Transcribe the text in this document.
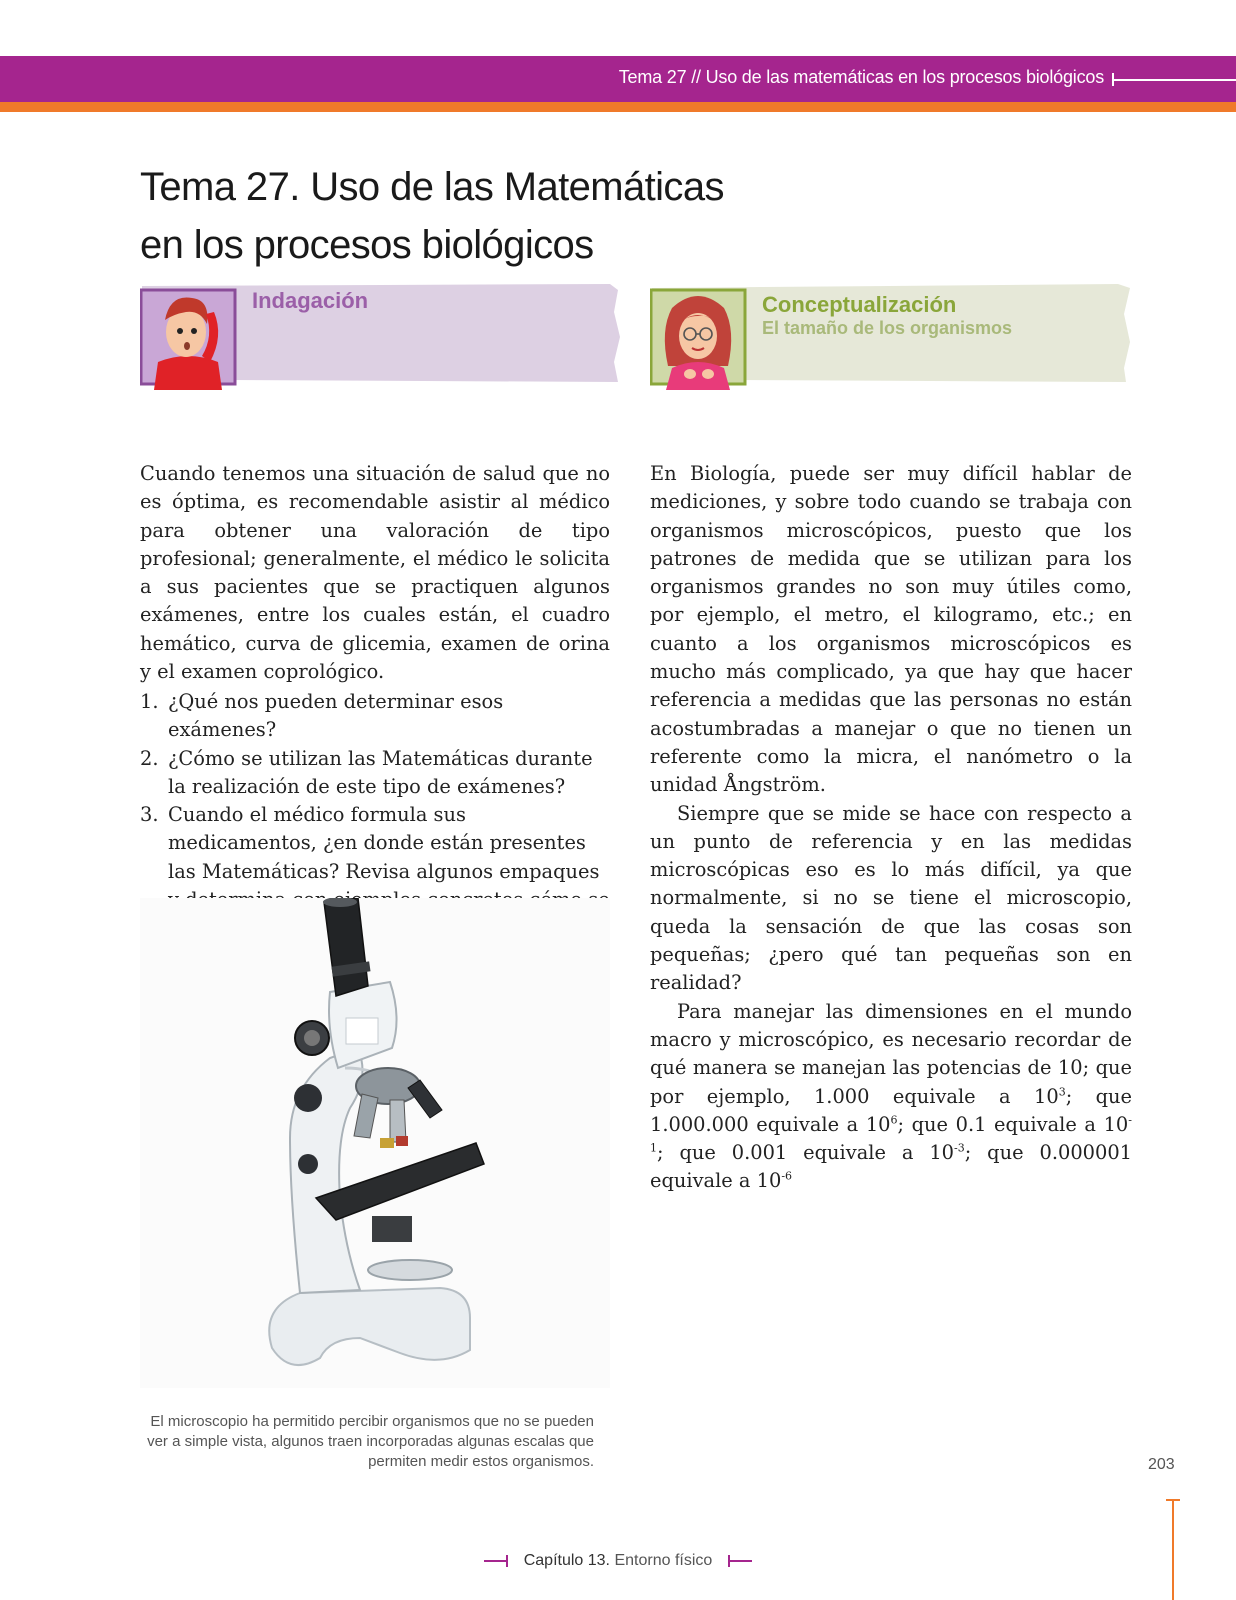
Tema 27 // Uso de las matemáticas en los procesos biológicos
Tema 27. Uso de las Matemáticas
en los procesos biológicos
Indagación	Conceptualización
El tamaño de los organismos

Cuando tenemos una situación de salud que no es óptima, es recomendable asistir al médico para obtener una valoración de tipo profesional; generalmente, el médico le solicita a sus pacientes que se practiquen algunos exámenes, entre los cuales están, el cuadro hemático, curva de glicemia, examen de orina y el examen coprológico.

1. ¿Qué nos pueden determinar esos exámenes?
2. ¿Cómo se utilizan las Matemáticas durante la realización de este tipo de exámenes?
3. Cuando el médico formula sus medicamentos, ¿en donde están presentes las Matemáticas? Revisa algunos empaques
El microscopio ha permitido percibir organismos que no se pueden ver a simple vista, algunos traen incorporadas algunas escalas que permiten medir estos organismos.

En Biología, puede ser muy difícil hablar de mediciones, y sobre todo cuando se trabaja con organismos microscópicos, puesto que los patrones de medida que se utilizan para los organismos grandes no son muy útiles como, por ejemplo, el metro, el kilogramo, etc.; en cuanto a los organismos microscópicos es mucho más complicado, ya que hay que hacer referencia a medidas que las personas no están acostumbradas a manejar o que no tienen un referente como la micra, el nanómetro o la unidad Ångström.

Siempre que se mide se hace con respecto a un punto de referencia y en las medidas microscópicas eso es lo más difícil, ya que normalmente, si no se tiene el microscopio, queda la sensación de que las cosas son pequeñas; ¿pero qué tan pequeñas son en realidad?

Para manejar las dimensiones en el mundo macro y microscópico, es necesario recordar de qué manera se manejan las potencias de 10; que por ejemplo, 1.000 equivale a $10^3$; que 1.000.000 equivale a $10^6$; que 0.1 equivale a $10^{-1}$; que 0.001 equivale a $10^{-3}$; que 0.000001 equivale a $10^{-6}$

203
Capítulo 13. Entorno físico
